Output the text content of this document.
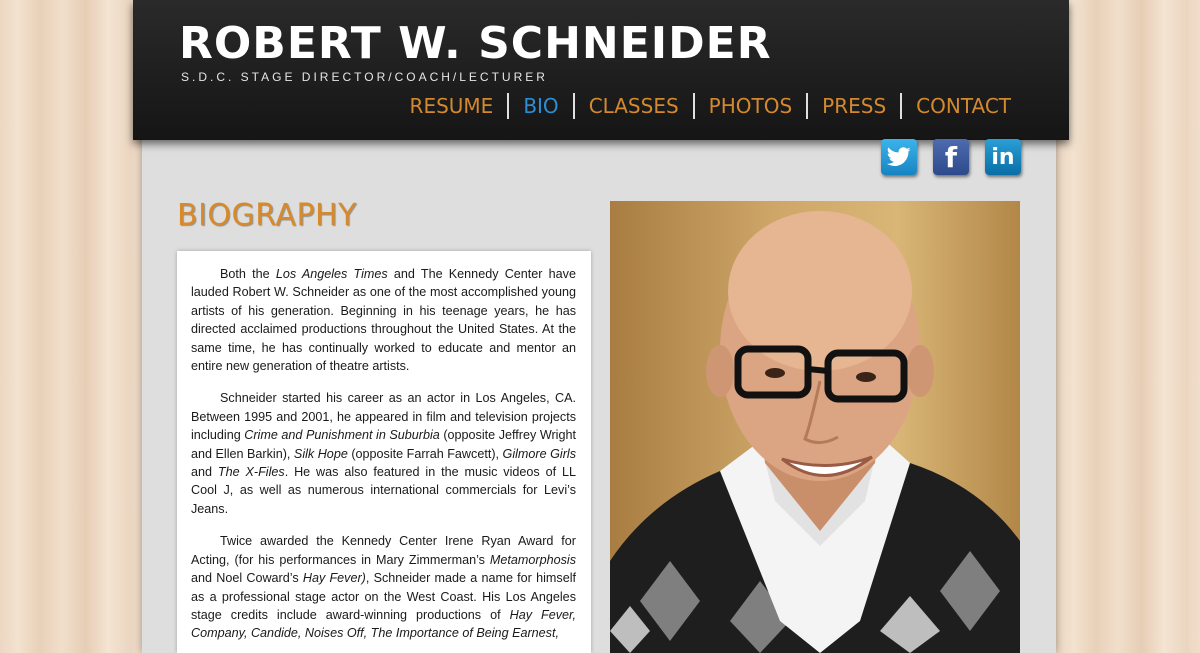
ROBERT W. SCHNEIDER
S.D.C. STAGE DIRECTOR/COACH/LECTURER
RESUME	BIO	CLASSES	PHOTOS	PRESS	CONTACT
f	in
BIOGRAPHY

Both the Los Angeles Times and The Kennedy Center have lauded Robert W. Schneider as one of the most accomplished young artists of his generation. Beginning in his teenage years, he has directed acclaimed productions throughout the United States. At the same time, he has continually worked to educate and mentor an entire new generation of theatre artists.

Schneider started his career as an actor in Los Angeles, CA. Between 1995 and 2001, he appeared in film and television projects including Crime and Punishment in Suburbia (opposite Jeffrey Wright and Ellen Barkin), Silk Hope (opposite Farrah Fawcett), Gilmore Girls and The X-Files. He was also featured in the music videos of LL Cool J, as well as numerous international commercials for Levi’s Jeans.

Twice awarded the Kennedy Center Irene Ryan Award for Acting, (for his performances in Mary Zimmerman’s Metamorphosis and Noel Coward’s Hay Fever), Schneider made a name for himself as a professional stage actor on the West Coast. His Los Angeles stage credits include award-winning productions of Hay Fever, Company, Candide, Noises Off, The Importance of Being Earnest,
